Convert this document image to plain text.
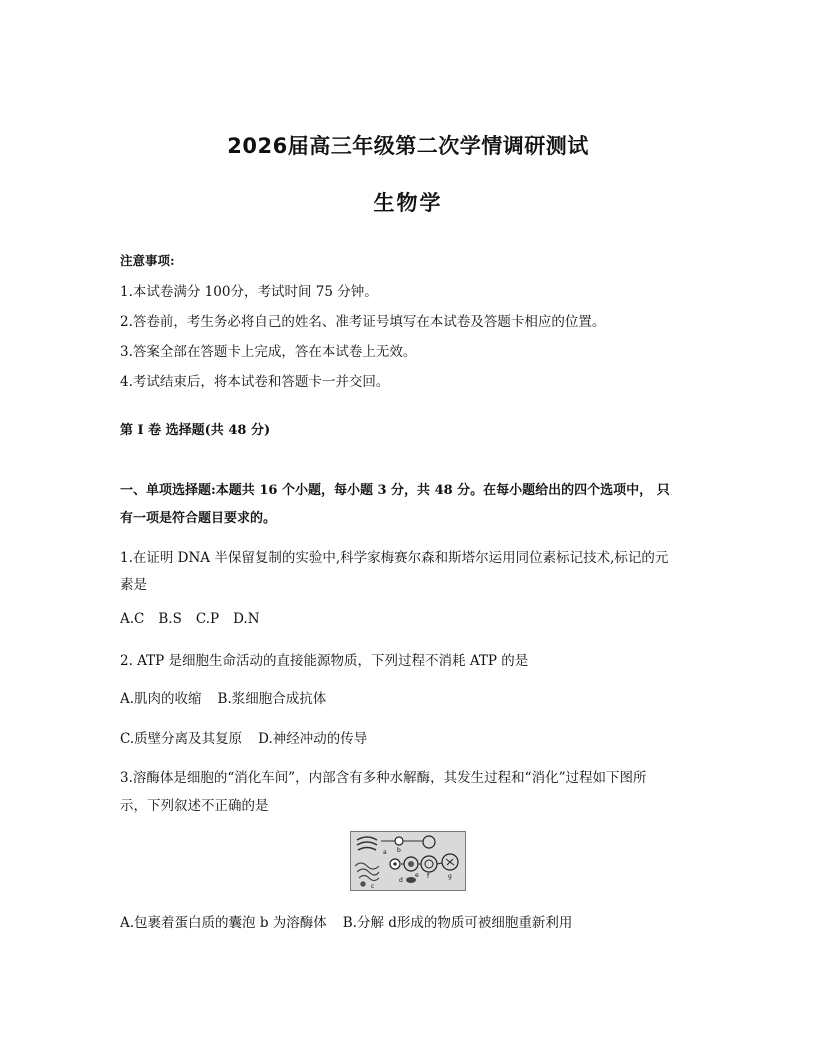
2026届高三年级第二次学情调研测试
生物学
注意事项:
1.本试卷满分 100分，考试时间 75 分钟。
2.答卷前，考生务必将自己的姓名、准考证号填写在本试卷及答题卡相应的位置。
3.答案全部在答题卡上完成，答在本试卷上无效。
4.考试结束后，将本试卷和答题卡一并交回。
第 I 卷 选择题(共 48 分)
一、单项选择题:本题共 16 个小题，每小题 3 分，共 48 分。在每小题给出的四个选项中， 只
有一项是符合题目要求的。
1.在证明 DNA 半保留复制的实验中,科学家梅赛尔森和斯塔尔运用同位素标记技术,标记的元
素是
A.C B.S C.P D.N
2. ATP 是细胞生命活动的直接能源物质，下列过程不消耗 ATP 的是
A.肌肉的收缩 B.浆细胞合成抗体
C.质壁分离及其复原 D.神经冲动的传导
3.溶酶体是细胞的“消化车间”，内部含有多种水解酶，其发生过程和“消化”过程如下图所
示，下列叙述不正确的是
a b
c
d
e f	g
A.包裹着蛋白质的囊泡 b 为溶酶体 B.分解 d形成的物质可被细胞重新利用
